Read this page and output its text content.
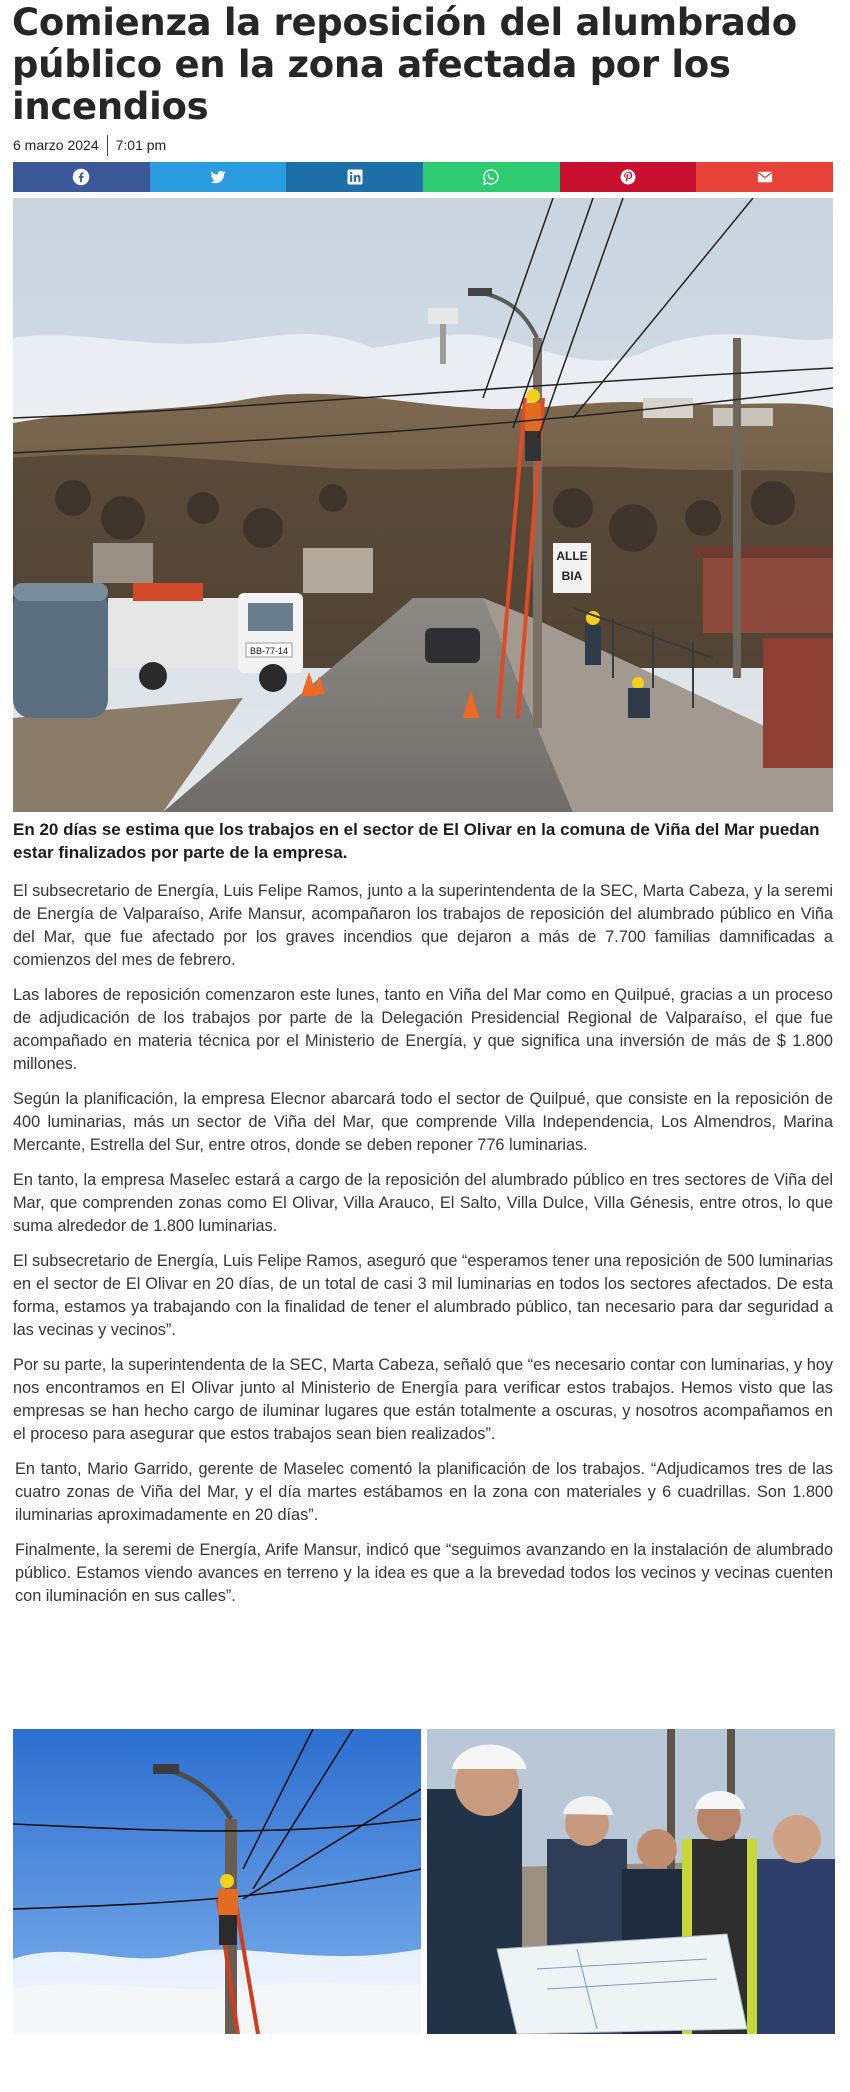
Comienza la reposición del alumbrado público en la zona afectada por los incendios
6 marzo 2024 7:01 pm
BB-77-14
ALLE
BIA

En 20 días se estima que los trabajos en el sector de El Olivar en la comuna de Viña del Mar puedan estar finalizados por parte de la empresa.

El subsecretario de Energía, Luis Felipe Ramos, junto a la superintendenta de la SEC, Marta Cabeza, y la seremi de Energía de Valparaíso, Arife Mansur, acompañaron los trabajos de reposición del alumbrado público en Viña del Mar, que fue afectado por los graves incendios que dejaron a más de 7.700 familias damnificadas a comienzos del mes de febrero.

Las labores de reposición comenzaron este lunes, tanto en Viña del Mar como en Quilpué, gracias a un proceso de adjudicación de los trabajos por parte de la Delegación Presidencial Regional de Valparaíso, el que fue acompañado en materia técnica por el Ministerio de Energía, y que significa una inversión de más de $ 1.800 millones.

Según la planificación, la empresa Elecnor abarcará todo el sector de Quilpué, que consiste en la reposición de 400 luminarias, más un sector de Viña del Mar, que comprende Villa Independencia, Los Almendros, Marina Mercante, Estrella del Sur, entre otros, donde se deben reponer 776 luminarias.

En tanto, la empresa Maselec estará a cargo de la reposición del alumbrado público en tres sectores de Viña del Mar, que comprenden zonas como El Olivar, Villa Arauco, El Salto, Villa Dulce, Villa Génesis, entre otros, lo que suma alrededor de 1.800 luminarias.

El subsecretario de Energía, Luis Felipe Ramos, aseguró que “esperamos tener una reposición de 500 luminarias en el sector de El Olivar en 20 días, de un total de casi 3 mil luminarias en todos los sectores afectados. De esta forma, estamos ya trabajando con la finalidad de tener el alumbrado público, tan necesario para dar seguridad a las vecinas y vecinos”.

Por su parte, la superintendenta de la SEC, Marta Cabeza, señaló que “es necesario contar con luminarias, y hoy nos encontramos en El Olivar junto al Ministerio de Energía para verificar estos trabajos. Hemos visto que las empresas se han hecho cargo de iluminar lugares que están totalmente a oscuras, y nosotros acompañamos en el proceso para asegurar que estos trabajos sean bien realizados”.

En tanto, Mario Garrido, gerente de Maselec comentó la planificación de los trabajos. “Adjudicamos tres de las cuatro zonas de Viña del Mar, y el día martes estábamos en la zona con materiales y 6 cuadrillas. Son 1.800 iluminarias aproximadamente en 20 días”.

Finalmente, la seremi de Energía, Arife Mansur, indicó que “seguimos avanzando en la instalación de alumbrado público. Estamos viendo avances en terreno y la idea es que a la brevedad todos los vecinos y vecinas cuenten con iluminación en sus calles”.
